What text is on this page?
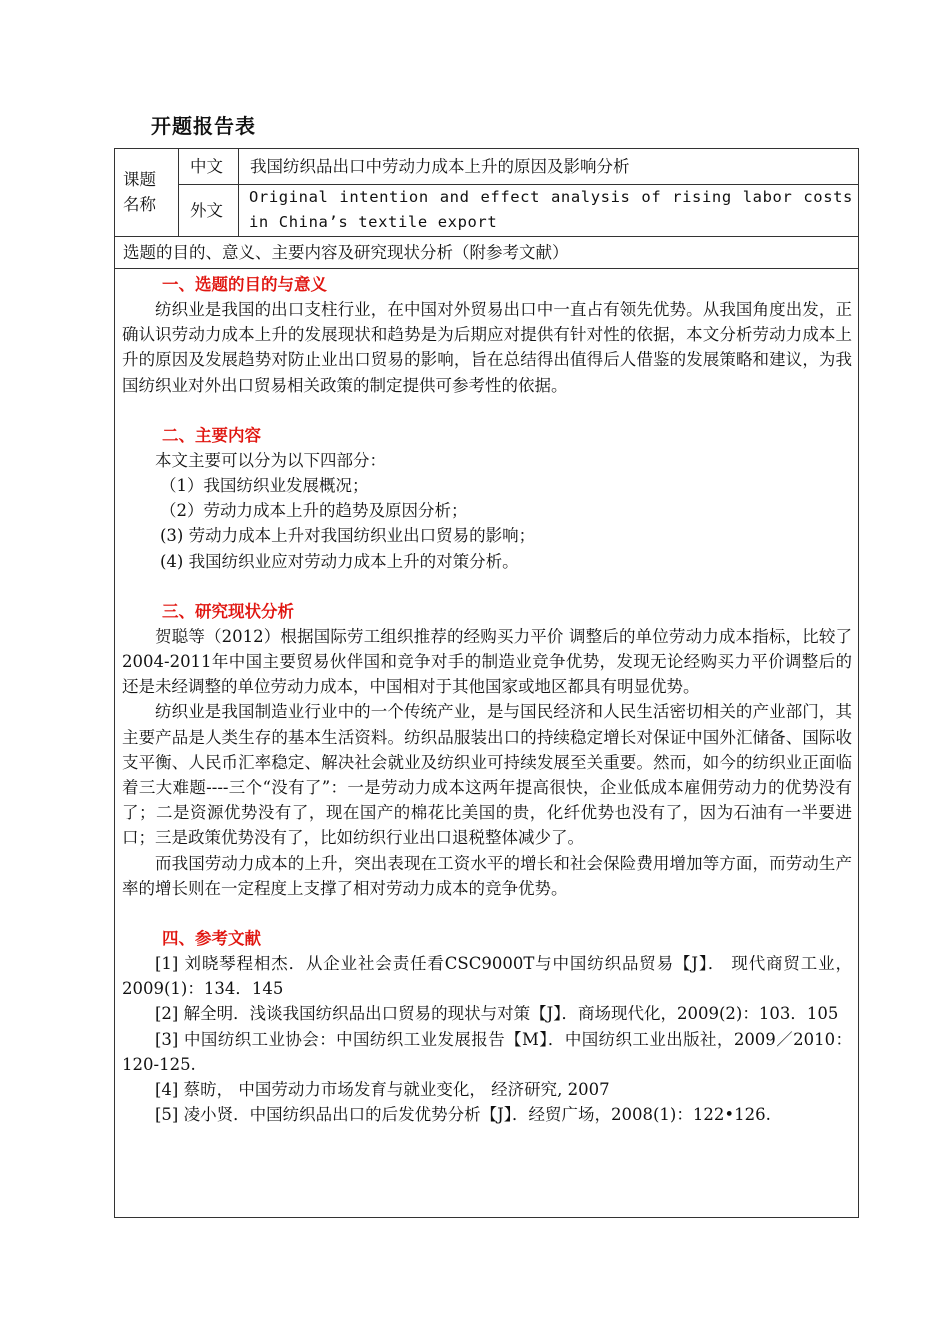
开题报告表
课题
名称
中文 我国纺织品出口中劳动力成本上升的原因及影响分析
外文
Original intention and effect analysis of rising labor costs
in China’s textile export
选题的目的、意义、主要内容及研究现状分析（附参考文献）
一、选题的目的与意义

纺织业是我国的出口支柱行业，在中国对外贸易出口中一直占有领先优势。从我国角度出发，正确认识劳动力成本上升的发展现状和趋势是为后期应对提供有针对性的依据，本文分析劳动力成本上升的原因及发展趋势对防止业出口贸易的影响，旨在总结得出值得后人借鉴的发展策略和建议，为我国纺织业对外出口贸易相关政策的制定提供可参考性的依据。

二、主要内容

本文主要可以分为以下四部分：

（1）我国纺织业发展概况；

（2）劳动力成本上升的趋势及原因分析；

(3) 劳动力成本上升对我国纺织业出口贸易的影响；

(4) 我国纺织业应对劳动力成本上升的对策分析。

三、研究现状分析

贺聪等（2012）根据国际劳工组织推荐的经购买力平价 调整后的单位劳动力成本指标，比较了2004-2011年中国主要贸易伙伴国和竞争对手的制造业竞争优势，发现无论经购买力平价调整后的还是未经调整的单位劳动力成本，中国相对于其他国家或地区都具有明显优势。

纺织业是我国制造业行业中的一个传统产业，是与国民经济和人民生活密切相关的产业部门，其主要产品是人类生存的基本生活资料。纺织品服装出口的持续稳定增长对保证中国外汇储备、国际收支平衡、人民币汇率稳定、解决社会就业及纺织业可持续发展至关重要。然而，如今的纺织业正面临着三大难题----三个“没有了”：一是劳动力成本这两年提高很快，企业低成本雇佣劳动力的优势没有了；二是资源优势没有了，现在国产的棉花比美国的贵，化纤优势也没有了，因为石油有一半要进口；三是政策优势没有了，比如纺织行业出口退税整体减少了。

而我国劳动力成本的上升，突出表现在工资水平的增长和社会保险费用增加等方面，而劳动生产率的增长则在一定程度上支撑了相对劳动力成本的竞争优势。

四、参考文献

[1] 刘晓琴程相杰．从企业社会责任看CSC9000T与中国纺织品贸易【J】． 现代商贸工业，2009(1)：134．145

[2] 解全明．浅谈我国纺织品出口贸易的现状与对策【J】．商场现代化，2009(2)：103．105

[3] 中国纺织工业协会：中国纺织工业发展报告【M】．中国纺织工业出版社，2009／2010： 120-125.

[4] 蔡昉， 中国劳动力市场发育与就业变化， 经济研究, 2007

[5] 凌小贤．中国纺织品出口的后发优势分析【J】．经贸广场，2008(1)：122•126.
